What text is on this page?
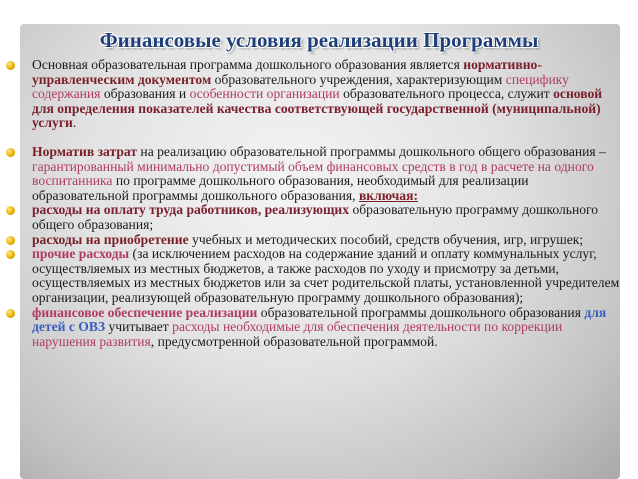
Финансовые условия реализации Программы
Основная образовательная программа дошкольного образования является нормативно-управленческим документом образовательного учреждения, характеризующим специфику содержания образования и особенности организации образовательного процесса, служит основой для определения показателей качества соответствующей государственной (муниципальной) услуги.
Норматив затрат на реализацию образовательной программы дошкольного общего образования – гарантированный минимально допустимый объем финансовых средств в год в расчете на одного воспитанника по программе дошкольного образования, необходимый для реализации образовательной программы дошкольного образования, включая:
расходы на оплату труда работников, реализующих образовательную программу дошкольного общего образования;
расходы на приобретение учебных и методических пособий, средств обучения, игр, игрушек;
прочие расходы (за исключением расходов на содержание зданий и оплату коммунальных услуг, осуществляемых из местных бюджетов, а также расходов по уходу и присмотру за детьми, осуществляемых из местных бюджетов или за счет родительской платы, установленной учредителем организации, реализующей образовательную программу дошкольного образования);
финансовое обеспечение реализации образовательной программы дошкольного образования для детей с ОВЗ учитывает расходы необходимые для обеспечения деятельности по коррекции нарушения развития, предусмотренной образовательной программой.
